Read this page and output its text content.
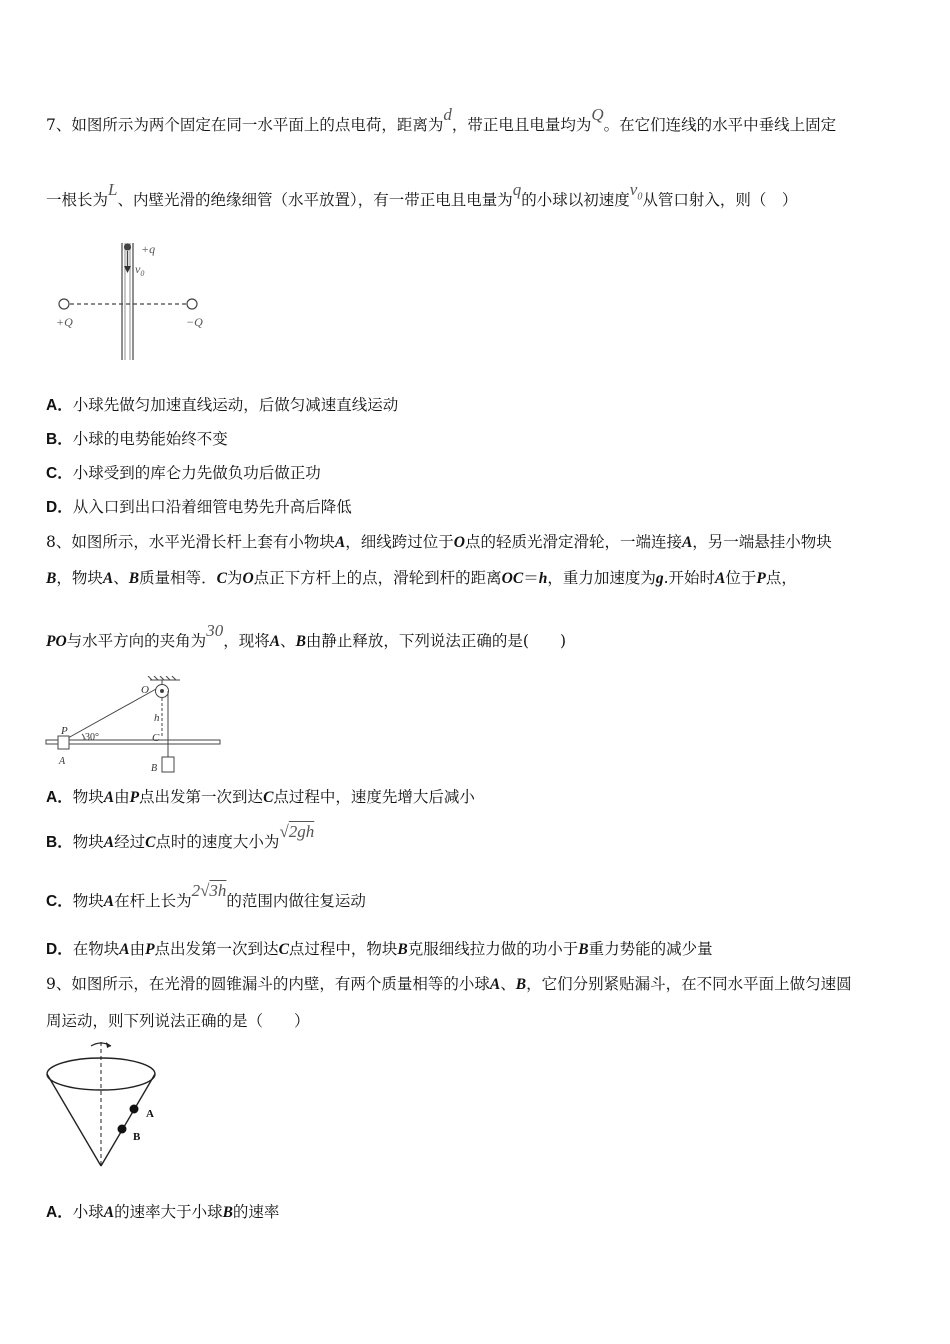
7、如图所示为两个固定在同一水平面上的点电荷，距离为d，带正电且电量均为Q。在它们连线的水平中垂线上固定
一根长为L、内壁光滑的绝缘细管（水平放置），有一带正电且电量为q的小球以初速度$v_0$从管口射入，则（　）
+q
$v_0$
+Q	−Q
A．小球先做匀加速直线运动，后做匀减速直线运动
B．小球的电势能始终不变
C．小球受到的库仑力先做负功后做正功
D．从入口到出口沿着细管电势先升高后降低
8、如图所示，水平光滑长杆上套有小物块A，细线跨过位于O点的轻质光滑定滑轮，一端连接A，另一端悬挂小物块
B，物块A、B质量相等．C为O点正下方杆上的点，滑轮到杆的距离OC＝h，重力加速度为g.开始时A位于P点，
PO与水平方向的夹角为30，现将A、B由静止释放，下列说法正确的是(　　)
O
P
h
C
A
B
30°
A．物块A由P点出发第一次到达C点过程中，速度先增大后减小
B．物块A经过C点时的速度大小为√2gh
C．物块A在杆上长为2√3h的范围内做往复运动
D．在物块A由P点出发第一次到达C点过程中，物块B克服细线拉力做的功小于B重力势能的减少量
9、如图所示，在光滑的圆锥漏斗的内壁，有两个质量相等的小球A、B，它们分别紧贴漏斗，在不同水平面上做匀速圆
周运动，则下列说法正确的是（　　）
A
B
A．小球A的速率大于小球B的速率
